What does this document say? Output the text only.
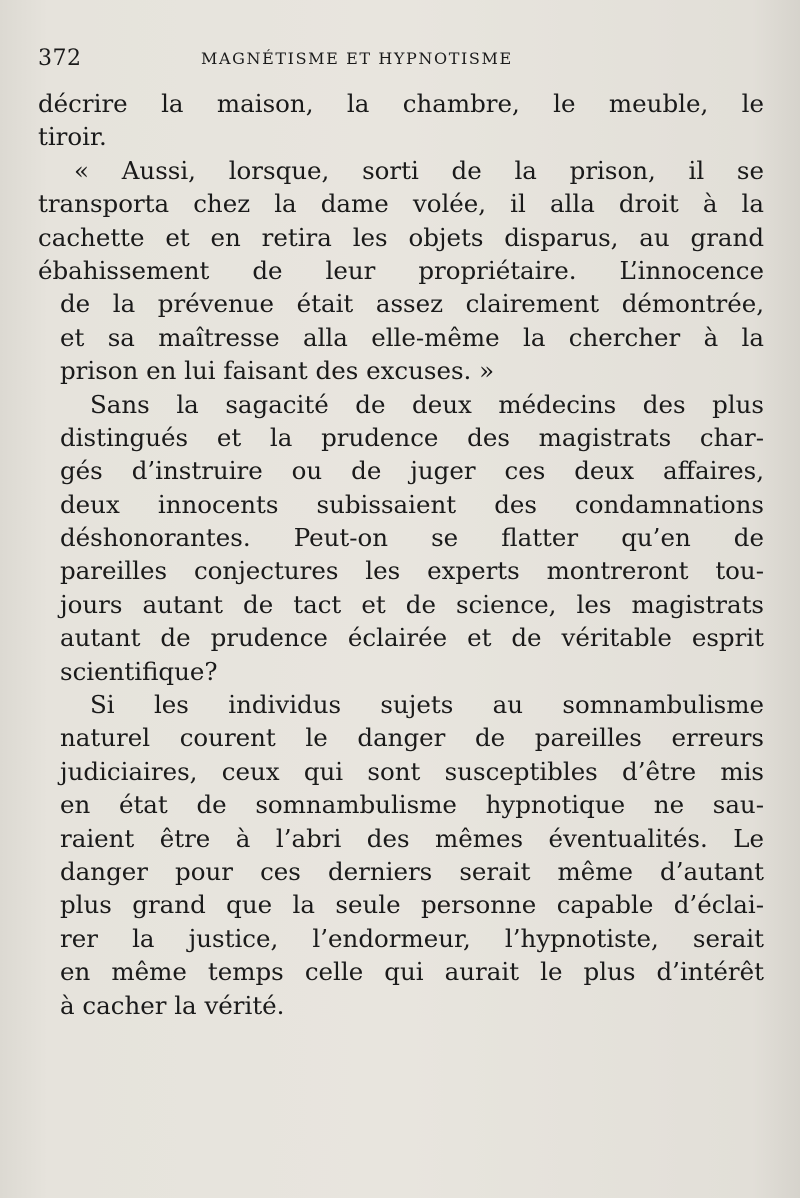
372	MAGNÉTISME ET HYPNOTISME
décrire la maison, la chambre, le meuble, le
tiroir.
« Aussi, lorsque, sorti de la prison, il se
transporta chez la dame volée, il alla droit à la
cachette et en retira les objets disparus, au grand
ébahissement de leur propriétaire. L’innocence
de la prévenue était assez clairement démontrée,
et sa maîtresse alla elle-même la chercher à la
prison en lui faisant des excuses. »
Sans la sagacité de deux médecins des plus
distingués et la prudence des magistrats char-
gés d’instruire ou de juger ces deux affaires,
deux innocents subissaient des condamnations
déshonorantes. Peut-on se flatter qu’en de
pareilles conjectures les experts montreront tou-
jours autant de tact et de science, les magistrats
autant de prudence éclairée et de véritable esprit
scientifique?
Si les individus sujets au somnambulisme
naturel courent le danger de pareilles erreurs
judiciaires, ceux qui sont susceptibles d’être mis
en état de somnambulisme hypnotique ne sau-
raient être à l’abri des mêmes éventualités. Le
danger pour ces derniers serait même d’autant
plus grand que la seule personne capable d’éclai-
rer la justice, l’endormeur, l’hypnotiste, serait
en même temps celle qui aurait le plus d’intérêt
à cacher la vérité.
